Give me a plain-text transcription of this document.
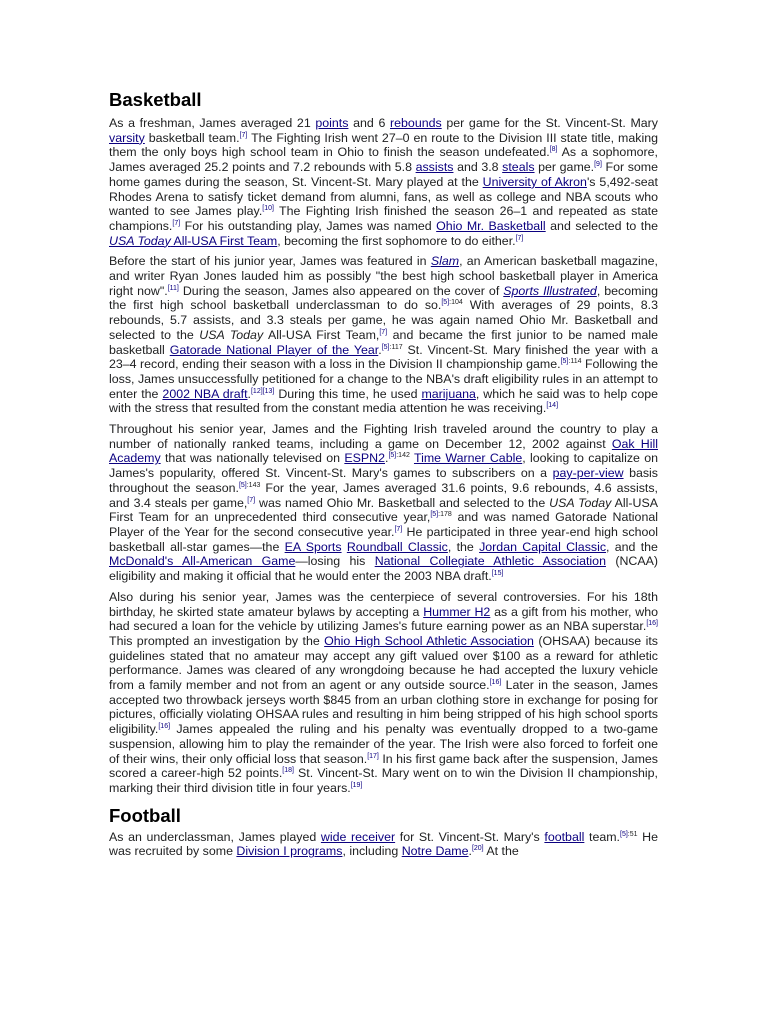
Basketball

As a freshman, James averaged 21 points and 6 rebounds per game for the St. Vincent-St. Mary varsity basketball team.[7] The Fighting Irish went 27–0 en route to the Division III state title, making them the only boys high school team in Ohio to finish the season undefeated.[8] As a sophomore, James averaged 25.2 points and 7.2 rebounds with 5.8 assists and 3.8 steals per game.[9] For some home games during the season, St. Vincent-St. Mary played at the University of Akron's 5,492-seat Rhodes Arena to satisfy ticket demand from alumni, fans, as well as college and NBA scouts who wanted to see James play.[10] The Fighting Irish finished the season 26–1 and repeated as state champions.[7] For his outstanding play, James was named Ohio Mr. Basketball and selected to the USA Today All-USA First Team, becoming the first sophomore to do either.[7]

Before the start of his junior year, James was featured in Slam, an American basketball magazine, and writer Ryan Jones lauded him as possibly "the best high school basketball player in America right now".[11] During the season, James also appeared on the cover of Sports Illustrated, becoming the first high school basketball underclassman to do so.$^{[5]:104}$ With averages of 29 points, 8.3 rebounds, 5.7 assists, and 3.3 steals per game, he was again named Ohio Mr. Basketball and selected to the USA Today All-USA First Team,[7] and became the first junior to be named male basketball Gatorade National Player of the Year.$^{[5]:117}$ St. Vincent-St. Mary finished the year with a 23–4 record, ending their season with a loss in the Division II championship game.$^{[5]:114}$ Following the loss, James unsuccessfully petitioned for a change to the NBA's draft eligibility rules in an attempt to enter the 2002 NBA draft.[12][13] During this time, he used marijuana, which he said was to help cope with the stress that resulted from the constant media attention he was receiving.[14]

Throughout his senior year, James and the Fighting Irish traveled around the country to play a number of nationally ranked teams, including a game on December 12, 2002 against Oak Hill Academy that was nationally televised on ESPN2.$^{[5]:142}$ Time Warner Cable, looking to capitalize on James's popularity, offered St. Vincent-St. Mary's games to subscribers on a pay-per-view basis throughout the season.$^{[5]:143}$ For the year, James averaged 31.6 points, 9.6 rebounds, 4.6 assists, and 3.4 steals per game,[7] was named Ohio Mr. Basketball and selected to the USA Today All-USA First Team for an unprecedented third consecutive year,$^{[5]:178}$ and was named Gatorade National Player of the Year for the second consecutive year.[7] He participated in three year-end high school basketball all-star games—the EA Sports Roundball Classic, the Jordan Capital Classic, and the McDonald's All-American Game—losing his National Collegiate Athletic Association (NCAA) eligibility and making it official that he would enter the 2003 NBA draft.[15]

Also during his senior year, James was the centerpiece of several controversies. For his 18th birthday, he skirted state amateur bylaws by accepting a Hummer H2 as a gift from his mother, who had secured a loan for the vehicle by utilizing James's future earning power as an NBA superstar.[16] This prompted an investigation by the Ohio High School Athletic Association (OHSAA) because its guidelines stated that no amateur may accept any gift valued over $100 as a reward for athletic performance. James was cleared of any wrongdoing because he had accepted the luxury vehicle from a family member and not from an agent or any outside source.[16] Later in the season, James accepted two throwback jerseys worth $845 from an urban clothing store in exchange for posing for pictures, officially violating OHSAA rules and resulting in him being stripped of his high school sports eligibility.[16] James appealed the ruling and his penalty was eventually dropped to a two-game suspension, allowing him to play the remainder of the year. The Irish were also forced to forfeit one of their wins, their only official loss that season.[17] In his first game back after the suspension, James scored a career-high 52 points.[18] St. Vincent-St. Mary went on to win the Division II championship, marking their third division title in four years.[19]

Football

As an underclassman, James played wide receiver for St. Vincent-St. Mary's football team.$^{[5]:51}$ He was recruited by some Division I programs, including Notre Dame.[20] At the
